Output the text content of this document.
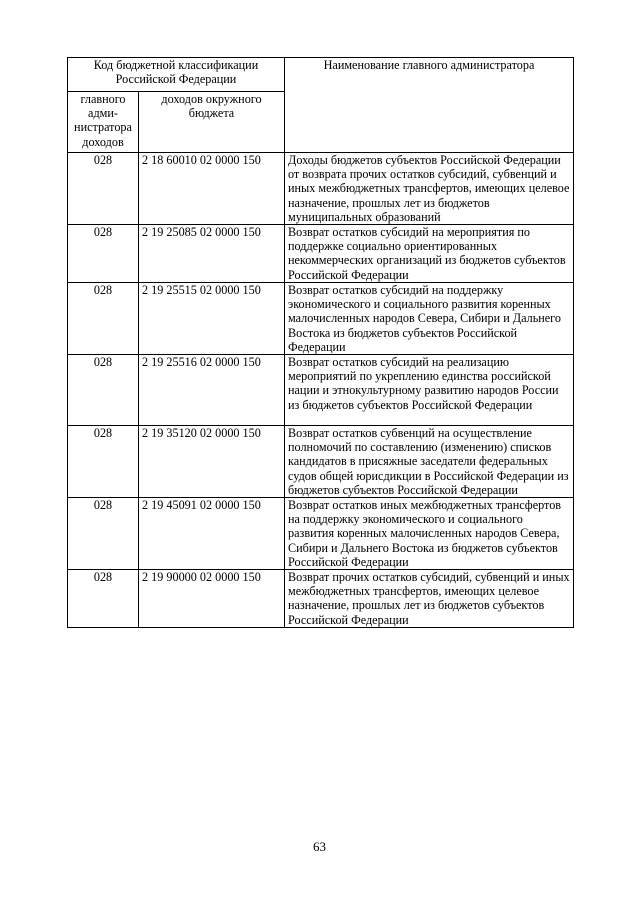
Код бюджетной классификации Российской Федерации		Наименование главного администратора
главного адми-нистратора доходов	доходов окружного бюджета	
028	2 18 60010 02 0000 150	Доходы бюджетов субъектов Российской Федерации от возврата прочих остатков субсидий, субвенций и иных межбюджетных трансфертов, имеющих целевое назначение, прошлых лет из бюджетов муниципальных образований
028	2 19 25085 02 0000 150	Возврат остатков субсидий на мероприятия по поддержке социально ориентированных некоммерческих организаций из бюджетов субъектов Российской Федерации
028	2 19 25515 02 0000 150	Возврат остатков субсидий на поддержку экономического и социального развития коренных малочисленных народов Севера, Сибири и Дальнего Востока из бюджетов субъектов Российской Федерации
028	2 19 25516 02 0000 150	Возврат остатков субсидий на реализацию мероприятий по укреплению единства российской нации и этнокультурному развитию народов России из бюджетов субъектов Российской Федерации
028	2 19 35120 02 0000 150	Возврат остатков субвенций на осуществление полномочий по составлению (изменению) списков кандидатов в присяжные заседатели федеральных судов общей юрисдикции в Российской Федерации из бюджетов субъектов Российской Федерации
028	2 19 45091 02 0000 150	Возврат остатков иных межбюджетных трансфертов на поддержку экономического и социального развития коренных малочисленных народов Севера, Сибири и Дальнего Востока из бюджетов субъектов Российской Федерации
028	2 19 90000 02 0000 150	Возврат прочих остатков субсидий, субвенций и иных межбюджетных трансфертов, имеющих целевое назначение, прошлых лет из бюджетов субъектов Российской Федерации
63
